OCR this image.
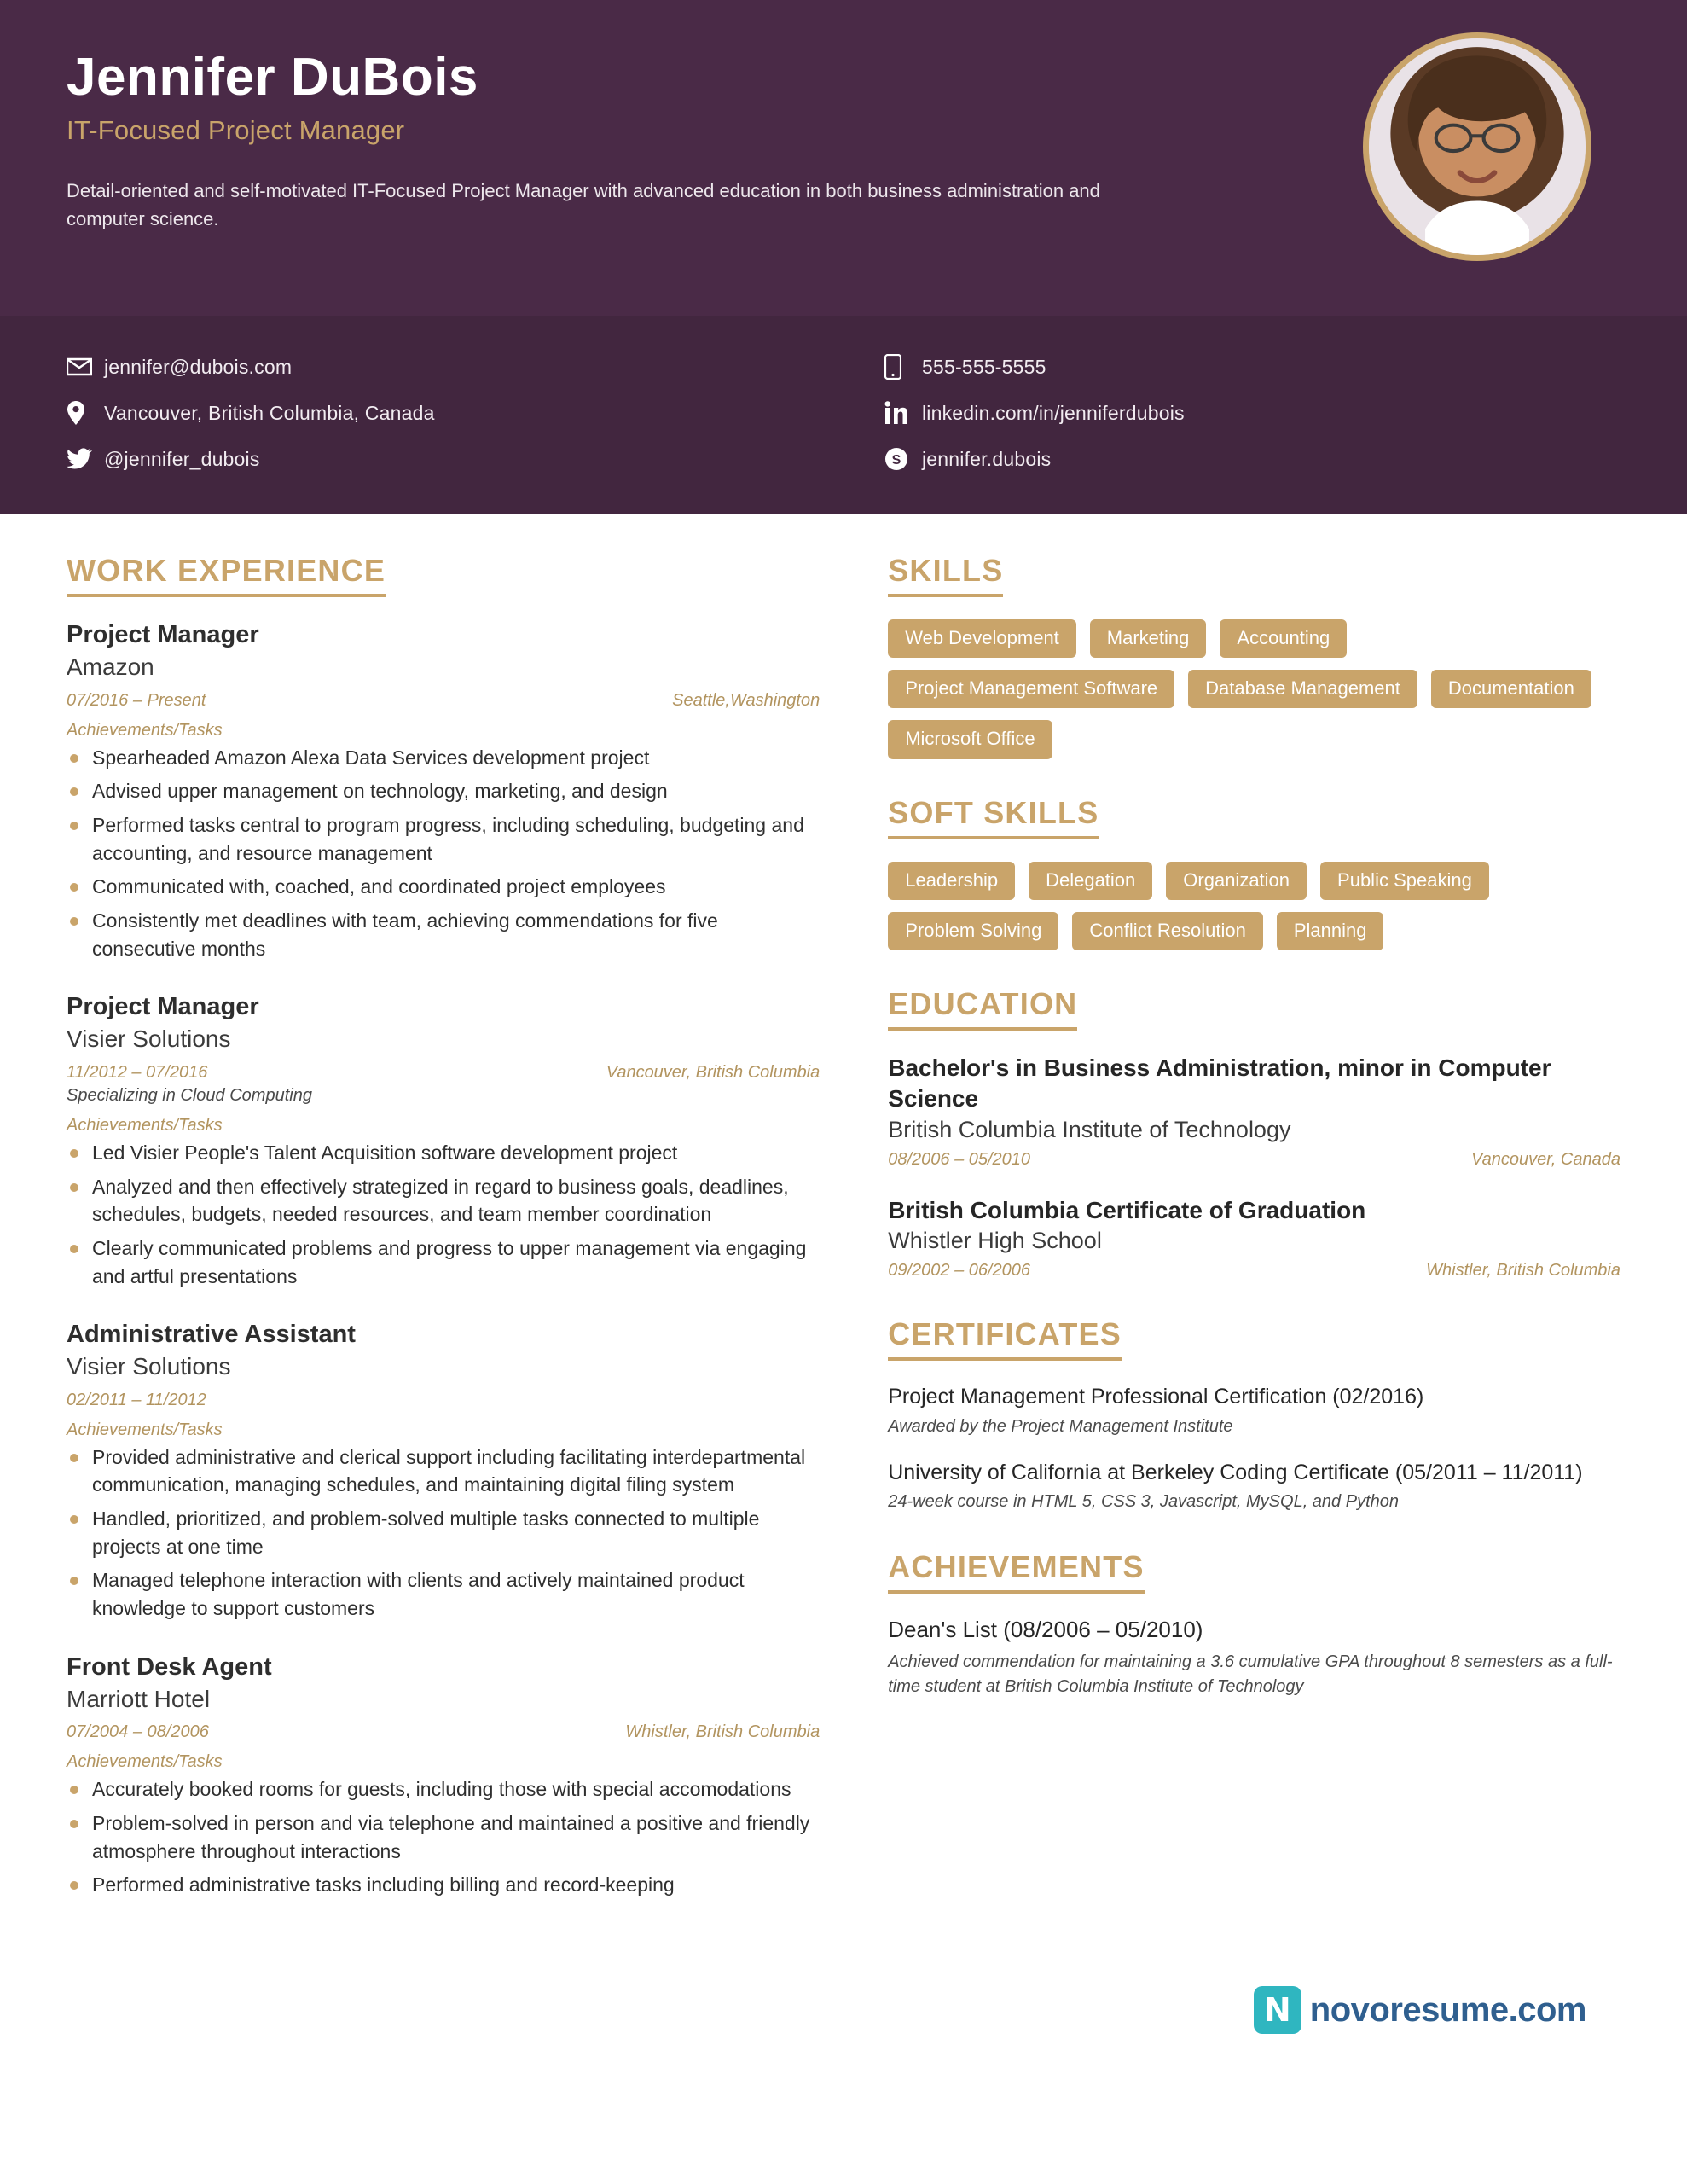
Jennifer DuBois
IT-Focused Project Manager
Detail-oriented and self-motivated IT-Focused Project Manager with advanced education in both business administration and computer science.
jennifer@dubois.com
Vancouver, British Columbia, Canada
@jennifer_dubois
555-555-5555
linkedin.com/in/jenniferdubois
S jennifer.dubois
WORK EXPERIENCE
Project Manager
Amazon
07/2016 – Present	Seattle,Washington
Achievements/Tasks
Spearheaded Amazon Alexa Data Services development project
Advised upper management on technology, marketing, and design
Performed tasks central to program progress, including scheduling, budgeting and accounting, and resource management
Communicated with, coached, and coordinated project employees
Consistently met deadlines with team, achieving commendations for five consecutive months
Project Manager
Visier Solutions
11/2012 – 07/2016	Vancouver, British Columbia
Specializing in Cloud Computing
Achievements/Tasks
Led Visier People's Talent Acquisition software development project
Analyzed and then effectively strategized in regard to business goals, deadlines, schedules, budgets, needed resources, and team member coordination
Clearly communicated problems and progress to upper management via engaging and artful presentations
Administrative Assistant
Visier Solutions
02/2011 – 11/2012
Achievements/Tasks
Provided administrative and clerical support including facilitating interdepartmental communication, managing schedules, and maintaining digital filing system
Handled, prioritized, and problem-solved multiple tasks connected to multiple projects at one time
Managed telephone interaction with clients and actively maintained product knowledge to support customers
Front Desk Agent
Marriott Hotel
07/2004 – 08/2006	Whistler, British Columbia
Achievements/Tasks
Accurately booked rooms for guests, including those with special accomodations
Problem-solved in person and via telephone and maintained a positive and friendly atmosphere throughout interactions
Performed administrative tasks including billing and record-keeping
SKILLS
Web Development	Marketing	Accounting
Project Management Software	Database Management	Documentation
Microsoft Office
SOFT SKILLS
Leadership	Delegation	Organization	Public Speaking
Problem Solving	Conflict Resolution	Planning
EDUCATION
Bachelor's in Business Administration, minor in Computer Science
British Columbia Institute of Technology
08/2006 – 05/2010	Vancouver, Canada
British Columbia Certificate of Graduation
Whistler High School
09/2002 – 06/2006	Whistler, British Columbia
CERTIFICATES
Project Management Professional Certification (02/2016)
Awarded by the Project Management Institute
University of California at Berkeley Coding Certificate (05/2011 – 11/2011)
24-week course in HTML 5, CSS 3, Javascript, MySQL, and Python
ACHIEVEMENTS
Dean's List (08/2006 – 05/2010)
Achieved commendation for maintaining a 3.6 cumulative GPA throughout 8 semesters as a full-time student at British Columbia Institute of Technology
N novoresume.com
